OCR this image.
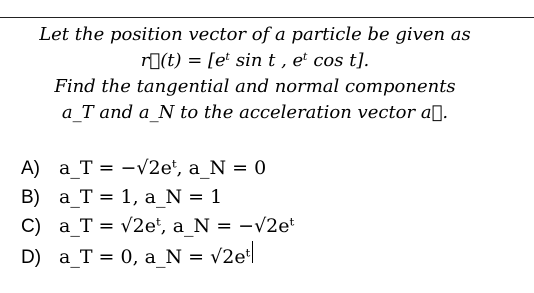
Let the position vector of a particle be given as
r⃗(t) = [eᵗ sin t , eᵗ cos t].
Find the tangential and normal components
a_T and a_N to the acceleration vector a⃗.
A)	a_T = −√2eᵗ, a_N = 0
B)	a_T = 1, a_N = 1
C) a_T = √2eᵗ, a_N = −√2eᵗ
D) a_T = 0, a_N = √2eᵗ
